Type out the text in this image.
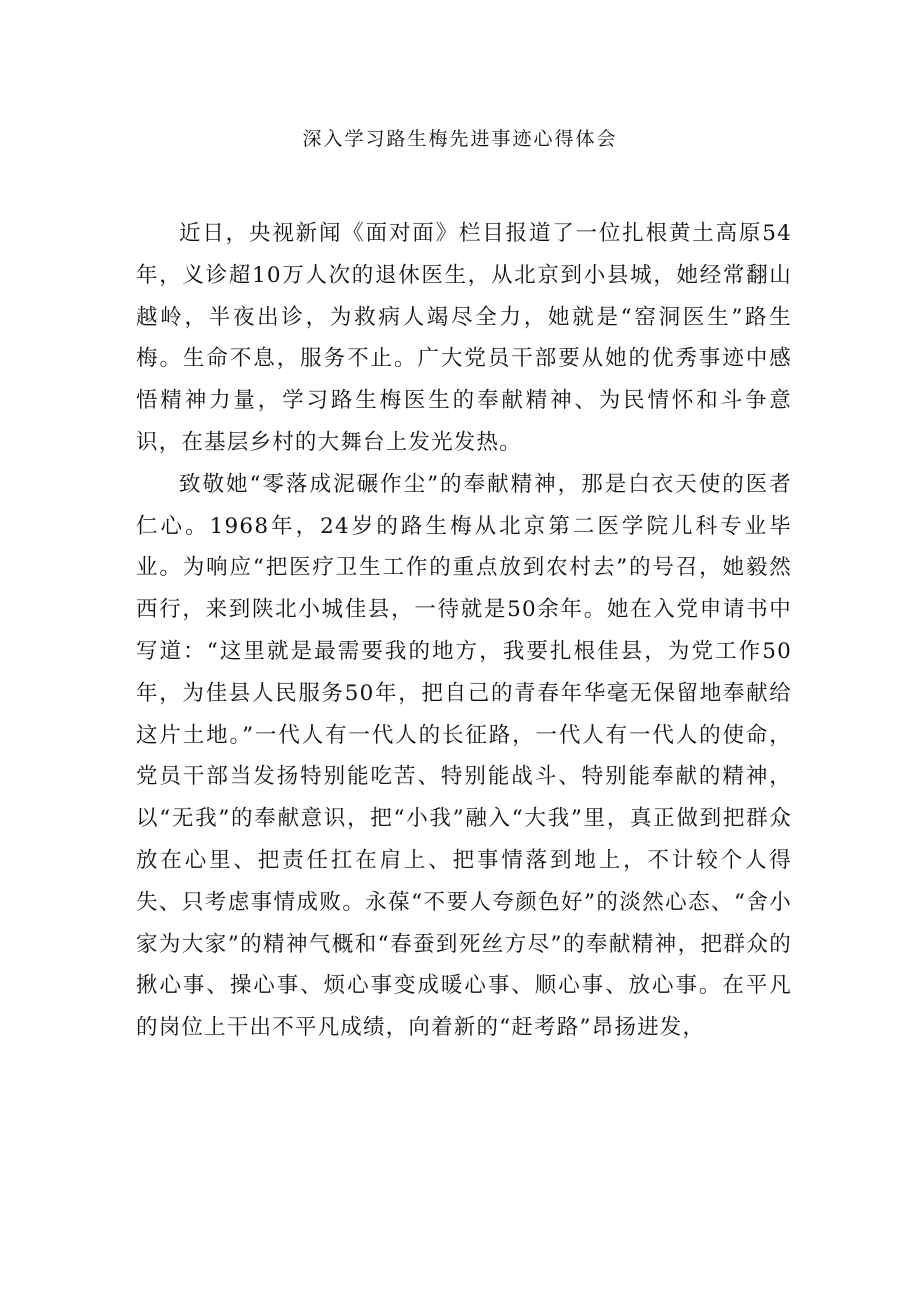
深入学习路生梅先进事迹心得体会

近日，央视新闻《面对面》栏目报道了一位扎根黄土高原54年，义诊超10万人次的退休医生，从北京到小县城，她经常翻山越岭，半夜出诊，为救病人竭尽全力，她就是“窑洞医生”路生梅。生命不息，服务不止。广大党员干部要从她的优秀事迹中感悟精神力量，学习路生梅医生的奉献精神、为民情怀和斗争意识，在基层乡村的大舞台上发光发热。

致敬她“零落成泥碾作尘”的奉献精神，那是白衣天使的医者仁心。1968年，24岁的路生梅从北京第二医学院儿科专业毕业。为响应“把医疗卫生工作的重点放到农村去”的号召，她毅然西行，来到陕北小城佳县，一待就是50余年。她在入党申请书中写道：“这里就是最需要我的地方，我要扎根佳县，为党工作50年，为佳县人民服务50年，把自己的青春年华毫无保留地奉献给这片土地。”一代人有一代人的长征路，一代人有一代人的使命，党员干部当发扬特别能吃苦、特别能战斗、特别能奉献的精神，以“无我”的奉献意识，把“小我”融入“大我”里，真正做到把群众放在心里、把责任扛在肩上、把事情落到地上，不计较个人得失、只考虑事情成败。永葆“不要人夸颜色好”的淡然心态、“舍小家为大家”的精神气概和“春蚕到死丝方尽”的奉献精神，把群众的揪心事、操心事、烦心事变成暖心事、顺心事、放心事。在平凡的岗位上干出不平凡成绩，向着新的“赶考路”昂扬进发，
